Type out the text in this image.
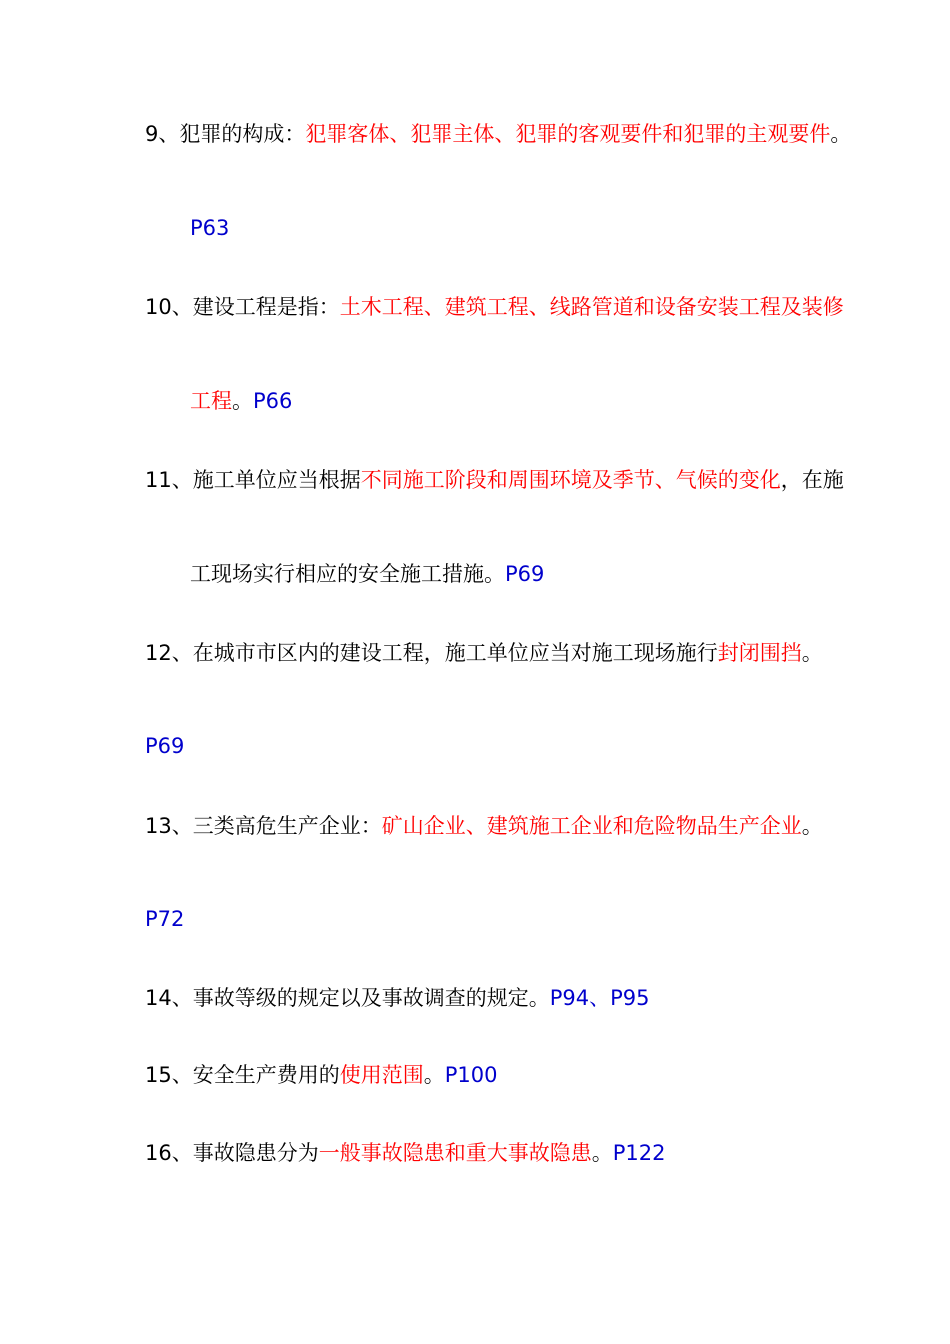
9、犯罪的构成：犯罪客体、犯罪主体、犯罪的客观要件和犯罪的主观要件。
P63
10、建设工程是指：土木工程、建筑工程、线路管道和设备安装工程及装修
工程。P66
11、施工单位应当根据不同施工阶段和周围环境及季节、气候的变化，在施
工现场实行相应的安全施工措施。P69
12、在城市市区内的建设工程，施工单位应当对施工现场施行封闭围挡。
P69
13、三类高危生产企业：矿山企业、建筑施工企业和危险物品生产企业。
P72
14、事故等级的规定以及事故调查的规定。P94、P95
15、安全生产费用的使用范围。P100
16、事故隐患分为一般事故隐患和重大事故隐患。P122
